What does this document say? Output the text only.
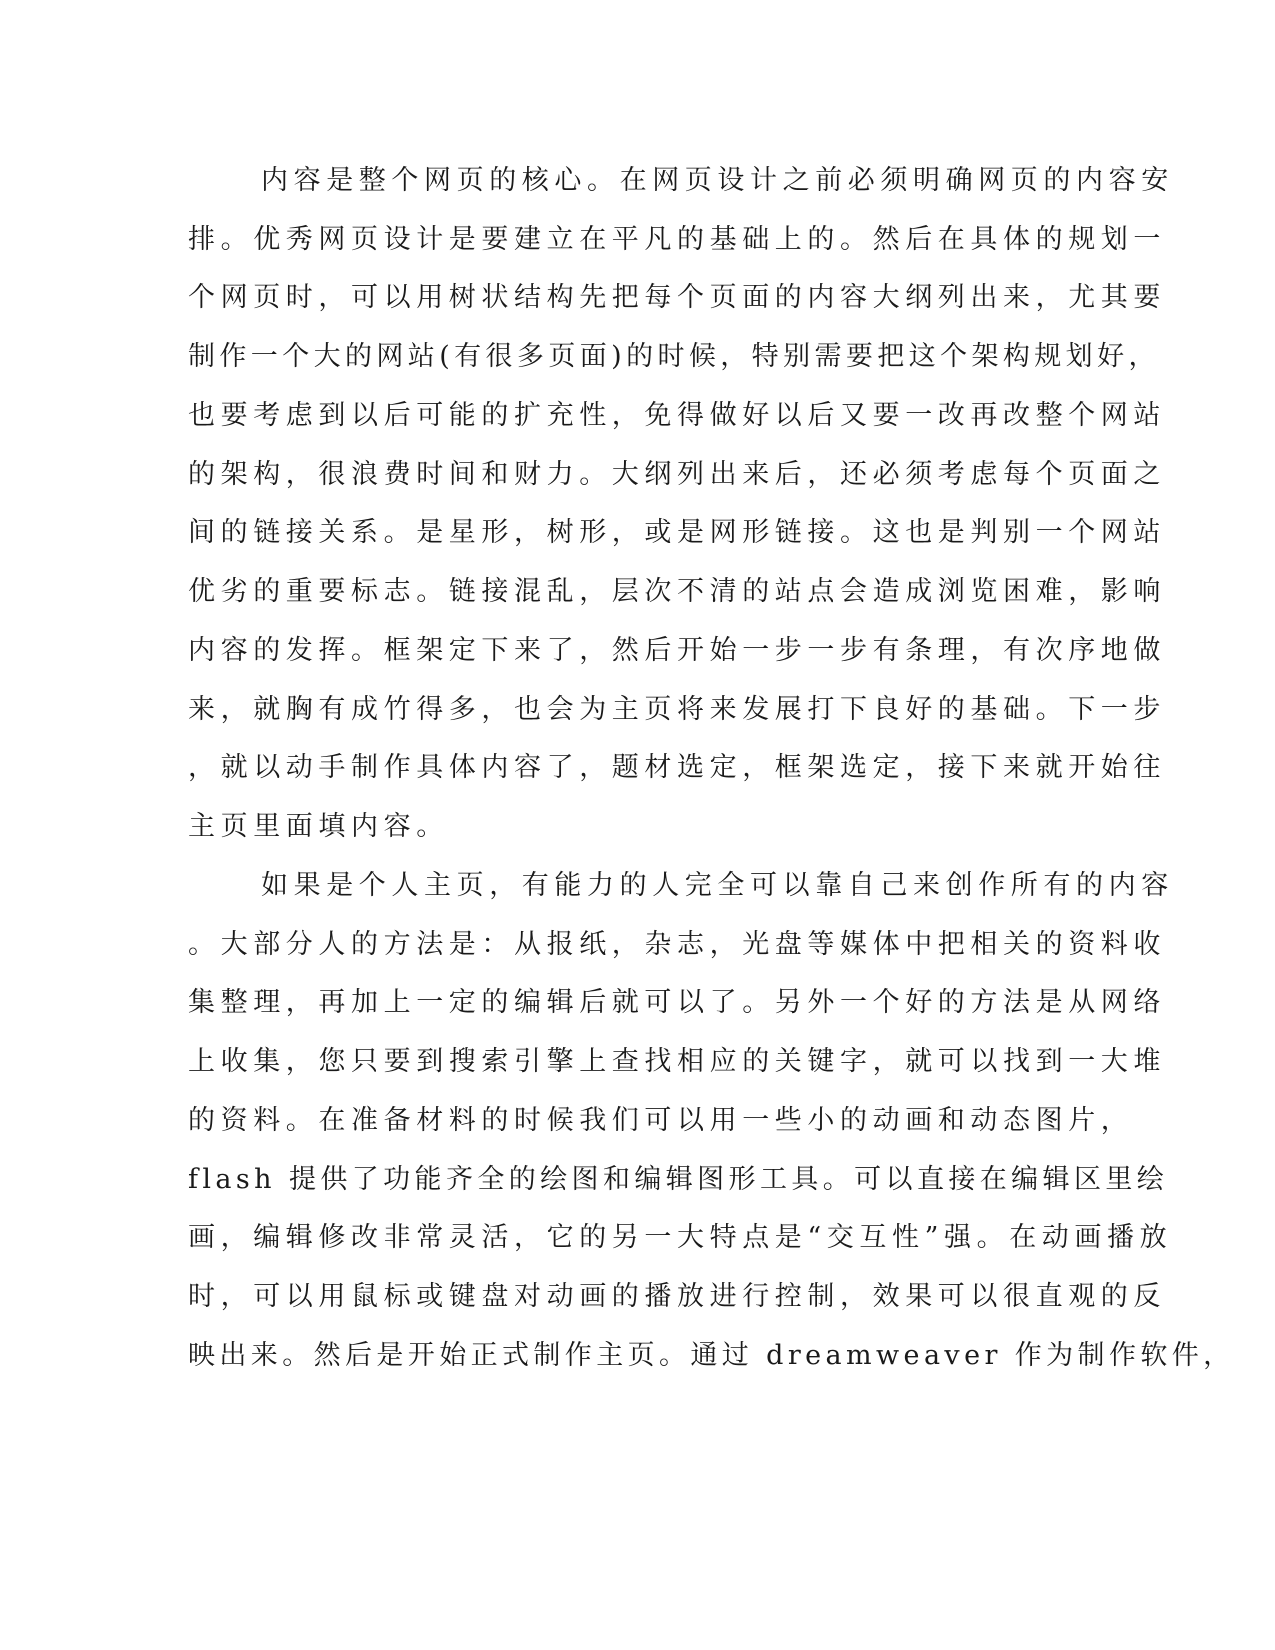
内容是整个网页的核心。在网页设计之前必须明确网页的内容安
排。优秀网页设计是要建立在平凡的基础上的。然后在具体的规划一
个网页时，可以用树状结构先把每个页面的内容大纲列出来，尤其要
制作一个大的网站(有很多页面)的时候，特别需要把这个架构规划好，
也要考虑到以后可能的扩充性，免得做好以后又要一改再改整个网站
的架构，很浪费时间和财力。大纲列出来后，还必须考虑每个页面之
间的链接关系。是星形，树形，或是网形链接。这也是判别一个网站
优劣的重要标志。链接混乱，层次不清的站点会造成浏览困难，影响
内容的发挥。框架定下来了，然后开始一步一步有条理，有次序地做
来，就胸有成竹得多，也会为主页将来发展打下良好的基础。下一步
，就以动手制作具体内容了，题材选定，框架选定，接下来就开始往
主页里面填内容。
如果是个人主页，有能力的人完全可以靠自己来创作所有的内容
。大部分人的方法是：从报纸，杂志，光盘等媒体中把相关的资料收
集整理，再加上一定的编辑后就可以了。另外一个好的方法是从网络
上收集，您只要到搜索引擎上查找相应的关键字，就可以找到一大堆
的资料。在准备材料的时候我们可以用一些小的动画和动态图片，
flash 提供了功能齐全的绘图和编辑图形工具。可以直接在编辑区里绘
画，编辑修改非常灵活，它的另一大特点是“交互性”强。在动画播放
时，可以用鼠标或键盘对动画的播放进行控制，效果可以很直观的反
映出来。然后是开始正式制作主页。通过 dreamweaver 作为制作软件，
